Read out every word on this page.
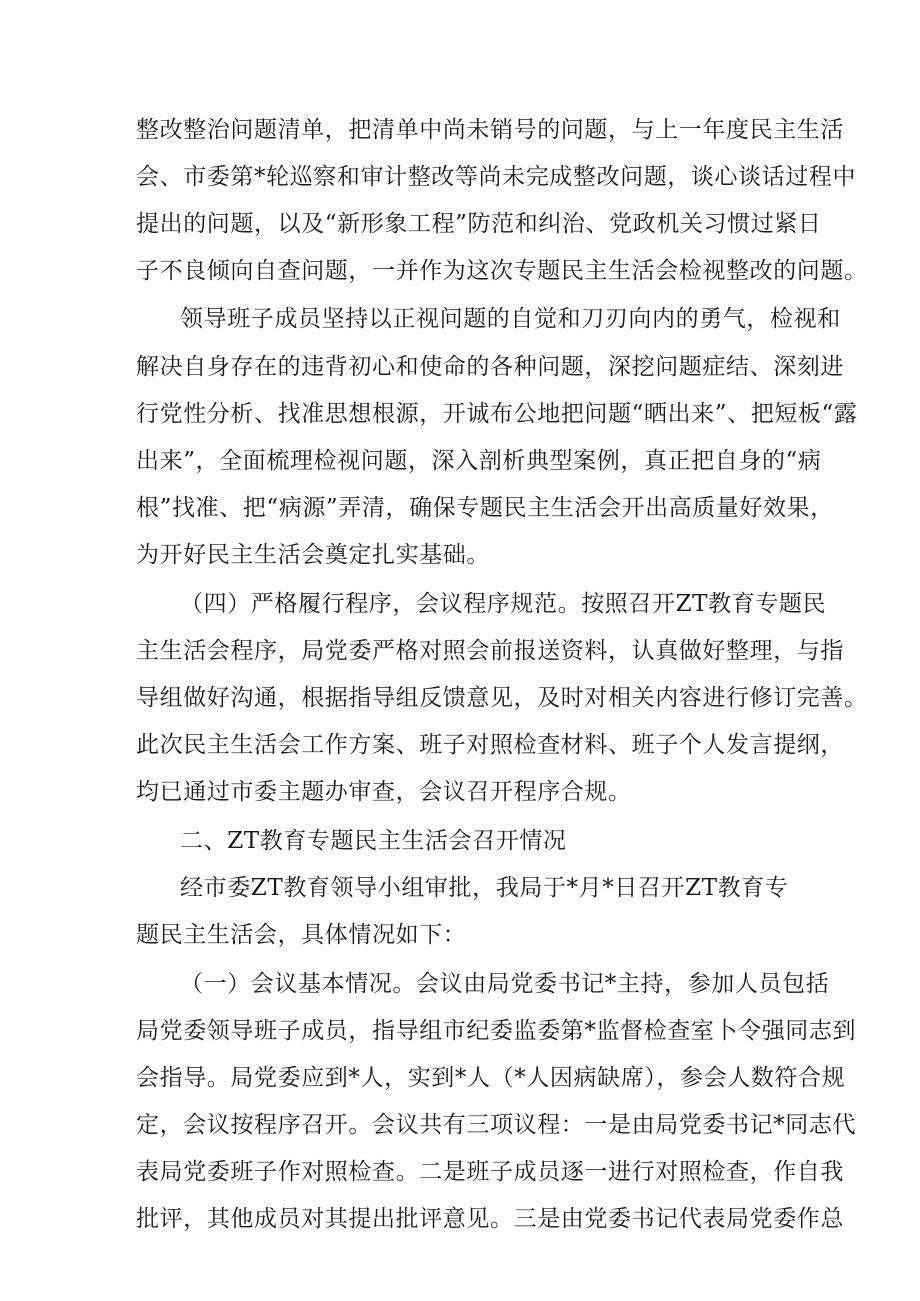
整改整治问题清单，把清单中尚未销号的问题，与上一年度民主生活
会、市委第*轮巡察和审计整改等尚未完成整改问题，谈心谈话过程中
提出的问题，以及“新形象工程”防范和纠治、党政机关习惯过紧日
子不良倾向自查问题，一并作为这次专题民主生活会检视整改的问题。
领导班子成员坚持以正视问题的自觉和刀刃向内的勇气，检视和
解决自身存在的违背初心和使命的各种问题，深挖问题症结、深刻进
行党性分析、找准思想根源，开诚布公地把问题“晒出来”、把短板“露
出来”，全面梳理检视问题，深入剖析典型案例，真正把自身的“病
根”找准、把“病源”弄清，确保专题民主生活会开出高质量好效果，
为开好民主生活会奠定扎实基础。
（四）严格履行程序，会议程序规范。按照召开ZT教育专题民
主生活会程序，局党委严格对照会前报送资料，认真做好整理，与指
导组做好沟通，根据指导组反馈意见，及时对相关内容进行修订完善。
此次民主生活会工作方案、班子对照检查材料、班子个人发言提纲，
均已通过市委主题办审查，会议召开程序合规。
二、ZT教育专题民主生活会召开情况
经市委ZT教育领导小组审批，我局于*月*日召开ZT教育专
题民主生活会，具体情况如下：
（一）会议基本情况。会议由局党委书记*主持，参加人员包括
局党委领导班子成员，指导组市纪委监委第*监督检查室卜令强同志到
会指导。局党委应到*人，实到*人（*人因病缺席），参会人数符合规
定，会议按程序召开。会议共有三项议程：一是由局党委书记*同志代
表局党委班子作对照检查。二是班子成员逐一进行对照检查，作自我
批评，其他成员对其提出批评意见。三是由党委书记代表局党委作总
